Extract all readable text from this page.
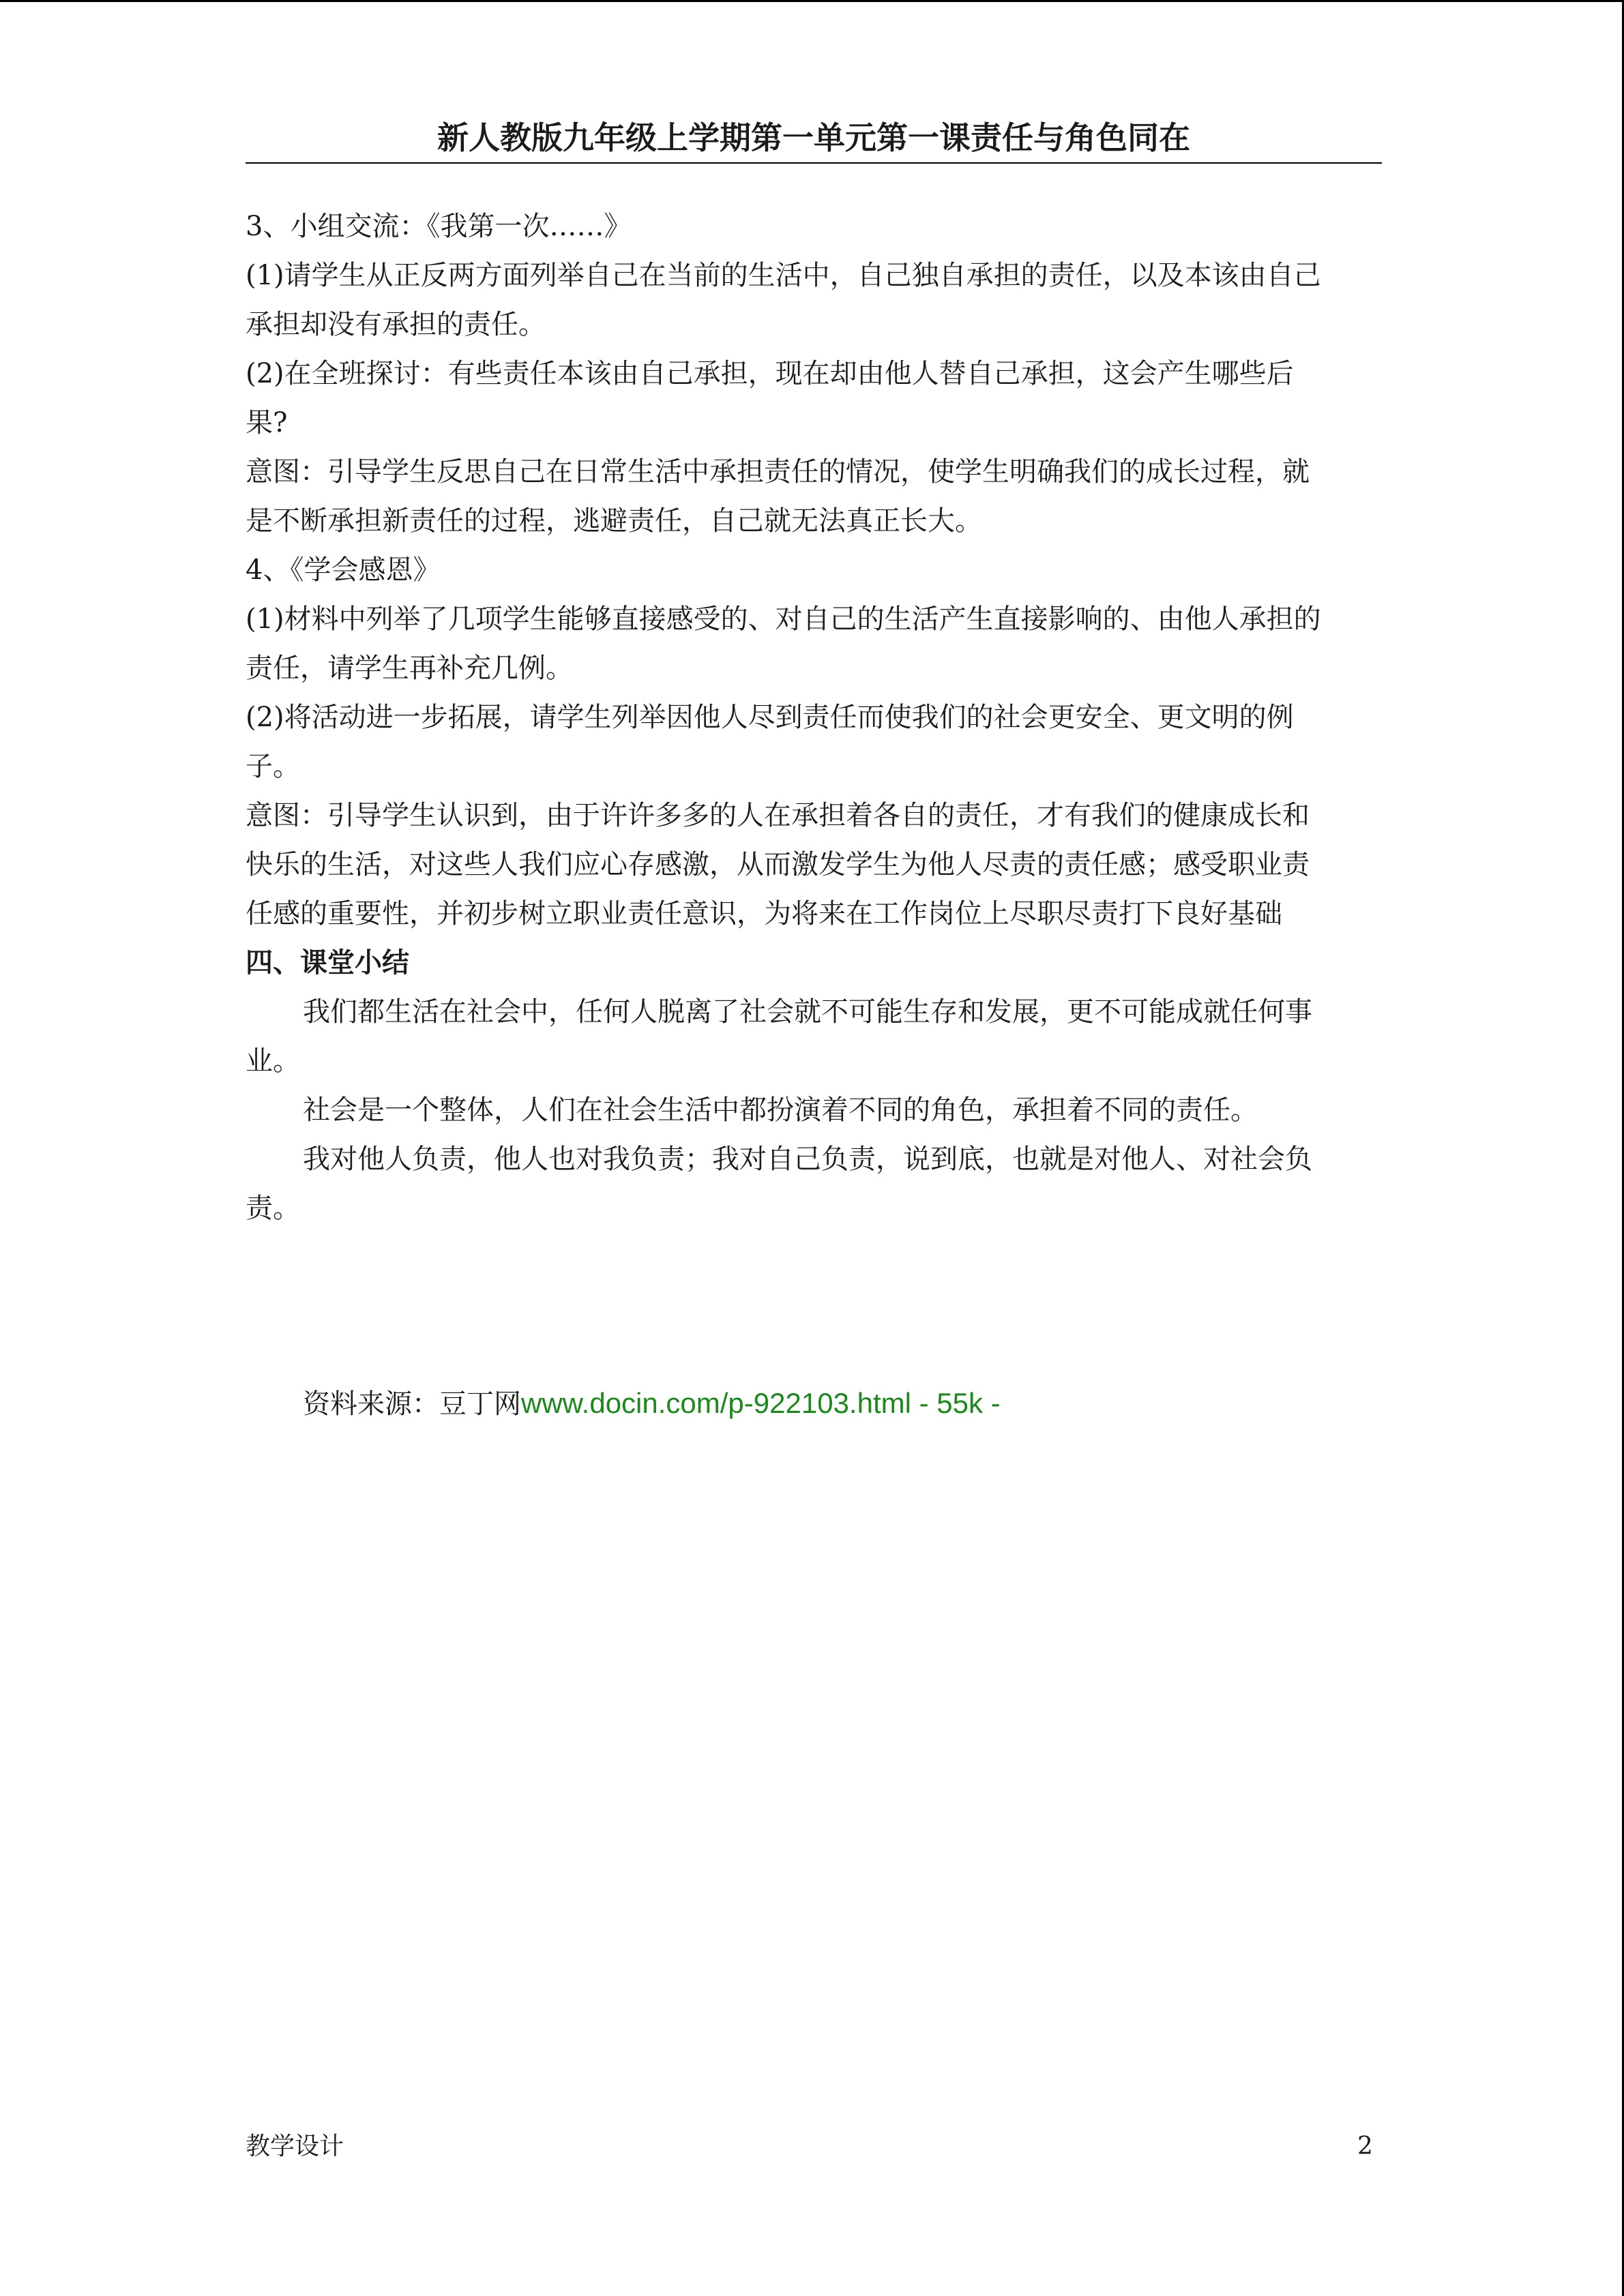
新人教版九年级上学期第一单元第一课责任与角色同在

3、小组交流：《我第一次……》

(1)请学生从正反两方面列举自己在当前的生活中，自己独自承担的责任，以及本该由自己

承担却没有承担的责任。

(2)在全班探讨：有些责任本该由自己承担，现在却由他人替自己承担，这会产生哪些后

果?

意图：引导学生反思自己在日常生活中承担责任的情况，使学生明确我们的成长过程，就

是不断承担新责任的过程，逃避责任，自己就无法真正长大。

4、《学会感恩》

(1)材料中列举了几项学生能够直接感受的、对自己的生活产生直接影响的、由他人承担的

责任，请学生再补充几例。

(2)将活动进一步拓展，请学生列举因他人尽到责任而使我们的社会更安全、更文明的例

子。

意图：引导学生认识到，由于许许多多的人在承担着各自的责任，才有我们的健康成长和

快乐的生活，对这些人我们应心存感激，从而激发学生为他人尽责的责任感；感受职业责

任感的重要性，并初步树立职业责任意识，为将来在工作岗位上尽职尽责打下良好基础

四、课堂小结

我们都生活在社会中，任何人脱离了社会就不可能生存和发展，更不可能成就任何事

业。

社会是一个整体，人们在社会生活中都扮演着不同的角色，承担着不同的责任。

我对他人负责，他人也对我负责；我对自己负责，说到底，也就是对他人、对社会负

责。

资料来源：豆丁网www.docin.com/p-922103.html - 55k -
教学设计	2
